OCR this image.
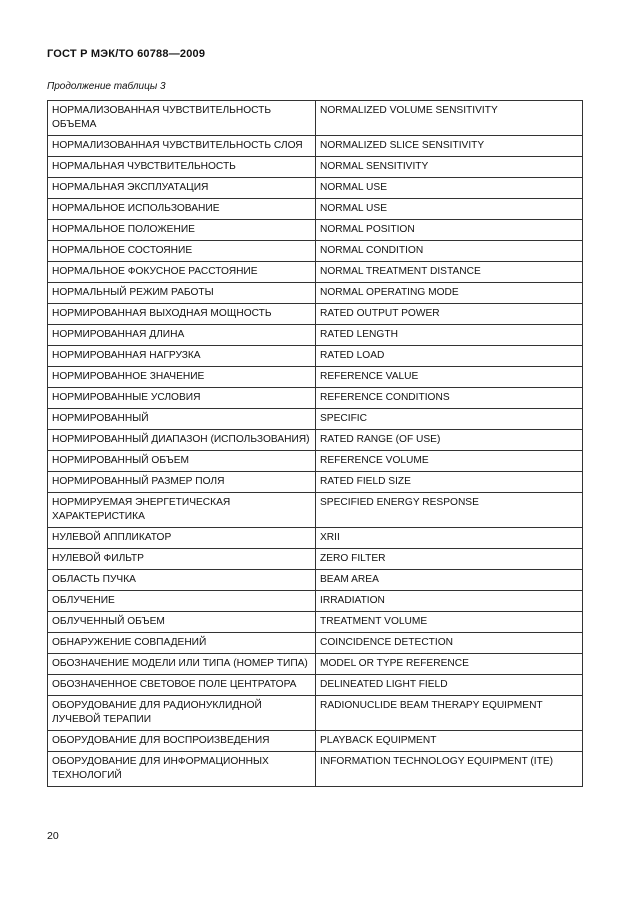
ГОСТ Р МЭК/ТО 60788—2009
Продолжение таблицы 3
НОРМАЛИЗОВАННАЯ ЧУВСТВИТЕЛЬНОСТЬ ОБЪЕМА	NORMALIZED VOLUME SENSITIVITY
НОРМАЛИЗОВАННАЯ ЧУВСТВИТЕЛЬНОСТЬ СЛОЯ	NORMALIZED SLICE SENSITIVITY
НОРМАЛЬНАЯ ЧУВСТВИТЕЛЬНОСТЬ	NORMAL SENSITIVITY
НОРМАЛЬНАЯ ЭКСПЛУАТАЦИЯ	NORMAL USE
НОРМАЛЬНОЕ ИСПОЛЬЗОВАНИЕ	NORMAL USE
НОРМАЛЬНОЕ ПОЛОЖЕНИЕ	NORMAL POSITION
НОРМАЛЬНОЕ СОСТОЯНИЕ	NORMAL CONDITION
НОРМАЛЬНОЕ ФОКУСНОЕ РАССТОЯНИЕ	NORMAL TREATMENT DISTANCE
НОРМАЛЬНЫЙ РЕЖИМ РАБОТЫ	NORMAL OPERATING MODE
НОРМИРОВАННАЯ ВЫХОДНАЯ МОЩНОСТЬ	RATED OUTPUT POWER
НОРМИРОВАННАЯ ДЛИНА	RATED LENGTH
НОРМИРОВАННАЯ НАГРУЗКА	RATED LOAD
НОРМИРОВАННОЕ ЗНАЧЕНИЕ	REFERENCE VALUE
НОРМИРОВАННЫЕ УСЛОВИЯ	REFERENCE CONDITIONS
НОРМИРОВАННЫЙ	SPECIFIC
НОРМИРОВАННЫЙ ДИАПАЗОН (ИСПОЛЬЗОВАНИЯ)	RATED RANGE (OF USE)
НОРМИРОВАННЫЙ ОБЪЕМ	REFERENCE VOLUME
НОРМИРОВАННЫЙ РАЗМЕР ПОЛЯ	RATED FIELD SIZE
НОРМИРУЕМАЯ ЭНЕРГЕТИЧЕСКАЯ ХАРАКТЕРИСТИКА	SPECIFIED ENERGY RESPONSE
НУЛЕВОЙ АППЛИКАТОР	XRII
НУЛЕВОЙ ФИЛЬТР	ZERO FILTER
ОБЛАСТЬ ПУЧКА	BEAM AREA
ОБЛУЧЕНИЕ	IRRADIATION
ОБЛУЧЕННЫЙ ОБЪЕМ	TREATMENT VOLUME
ОБНАРУЖЕНИЕ СОВПАДЕНИЙ	COINCIDENCE DETECTION
ОБОЗНАЧЕНИЕ МОДЕЛИ ИЛИ ТИПА (НОМЕР ТИПА)	MODEL OR TYPE REFERENCE
ОБОЗНАЧЕННОЕ СВЕТОВОЕ ПОЛЕ ЦЕНТРАТОРА	DELINEATED LIGHT FIELD
ОБОРУДОВАНИЕ ДЛЯ РАДИОНУКЛИДНОЙ ЛУЧЕВОЙ ТЕРАПИИ	RADIONUCLIDE BEAM THERAPY EQUIPMENT
ОБОРУДОВАНИЕ ДЛЯ ВОСПРОИЗВЕДЕНИЯ	PLAYBACK EQUIPMENT
ОБОРУДОВАНИЕ ДЛЯ ИНФОРМАЦИОННЫХ ТЕХНОЛОГИЙ	INFORMATION TECHNOLOGY EQUIPMENT (ITE)
20
